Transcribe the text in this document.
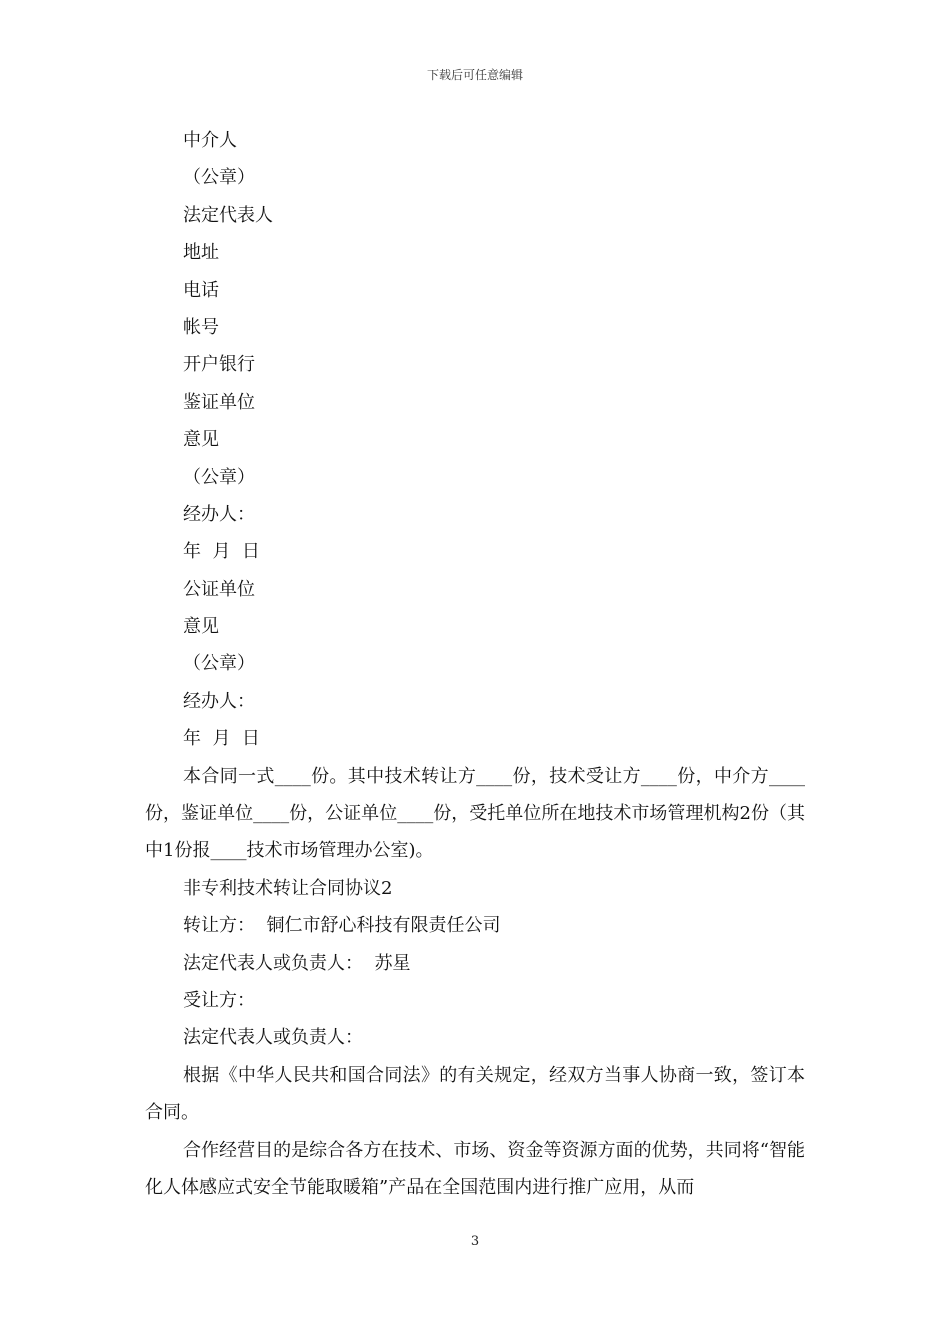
下载后可任意编辑
中介人
（公章）
法定代表人
地址
电话
帐号
开户银行
鉴证单位
意见
（公章）
经办人：
年  月  日
公证单位
意见
（公章）
经办人：
年  月  日

本合同一式____份。其中技术转让方____份，技术受让方____份，中介方____份，鉴证单位____份，公证单位____份，受托单位所在地技术市场管理机构2份（其中1份报____技术市场管理办公室)。

非专利技术转让合同协议2
转让方：  铜仁市舒心科技有限责任公司
法定代表人或负责人：  苏星
受让方：
法定代表人或负责人：

根据《中华人民共和国合同法》的有关规定，经双方当事人协商一致，签订本合同。

合作经营目的是综合各方在技术、市场、资金等资源方面的优势，共同将“智能化人体感应式安全节能取暖箱”产品在全国范围内进行推广应用，从而

3
